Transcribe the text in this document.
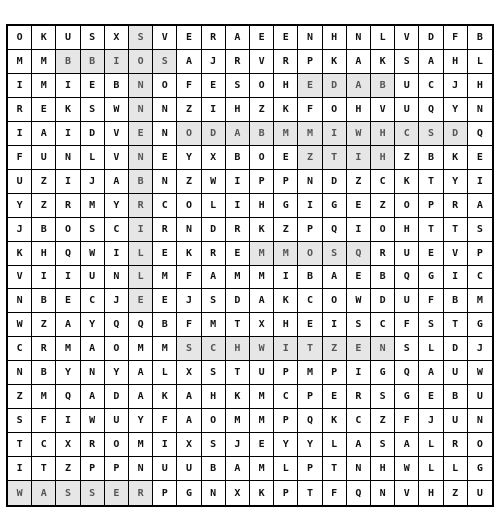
O	K	U	S	X	S	V	E	R	A	E	E	N	H	N	L	V	D	F	B
M	M	B	B	I	O	S	A	J	R	V	R	P	K	A	K	S	A	H	L
I	M	I	E	B	N	O	F	E	S	O	H	E	D	A	B	U	C	J	H
R	E	K	S	W	N	N	Z	I	H	Z	K	F	O	H	V	U	Q	Y	N
I	A	I	D	V	E	N	O	D	A	B	M	M	I	W	H	C	S	D	Q
F	U	N	L	V	N	E	Y	X	B	O	E	Z	T	I	H	Z	B	K	E
U	Z	I	J	A	B	N	Z	W	I	P	P	N	D	Z	C	K	T	Y	I
Y	Z	R	M	Y	R	C	O	L	I	H	G	I	G	E	Z	O	P	R	A
J	B	O	S	C	I	R	N	D	R	K	Z	P	Q	I	O	H	T	T	S
K	H	Q	W	I	L	E	K	R	E	M	M	O	S	Q	R	U	E	V	P
V	I	I	U	N	L	M	F	A	M	M	I	B	A	E	B	Q	G	I	C
N	B	E	C	J	E	E	J	S	D	A	K	C	O	W	D	U	F	B	M
W	Z	A	Y	Q	Q	B	F	M	T	X	H	E	I	S	C	F	S	T	G
C	R	M	A	O	M	M	S	C	H	W	I	T	Z	E	N	S	L	D	J
N	B	Y	N	Y	A	L	X	S	T	U	P	M	P	I	G	Q	A	U	W
Z	M	Q	A	D	A	K	A	H	K	M	C	P	E	R	S	G	E	B	U
S	F	I	W	U	Y	F	A	O	M	M	P	Q	K	C	Z	F	J	U	N
T	C	X	R	O	M	I	X	S	J	E	Y	Y	L	A	S	A	L	R	O
I	T	Z	P	P	N	U	U	B	A	M	L	P	T	N	H	W	L	L	G
W	A	S	S	E	R	P	G	N	X	K	P	T	F	Q	N	V	H	Z	U
